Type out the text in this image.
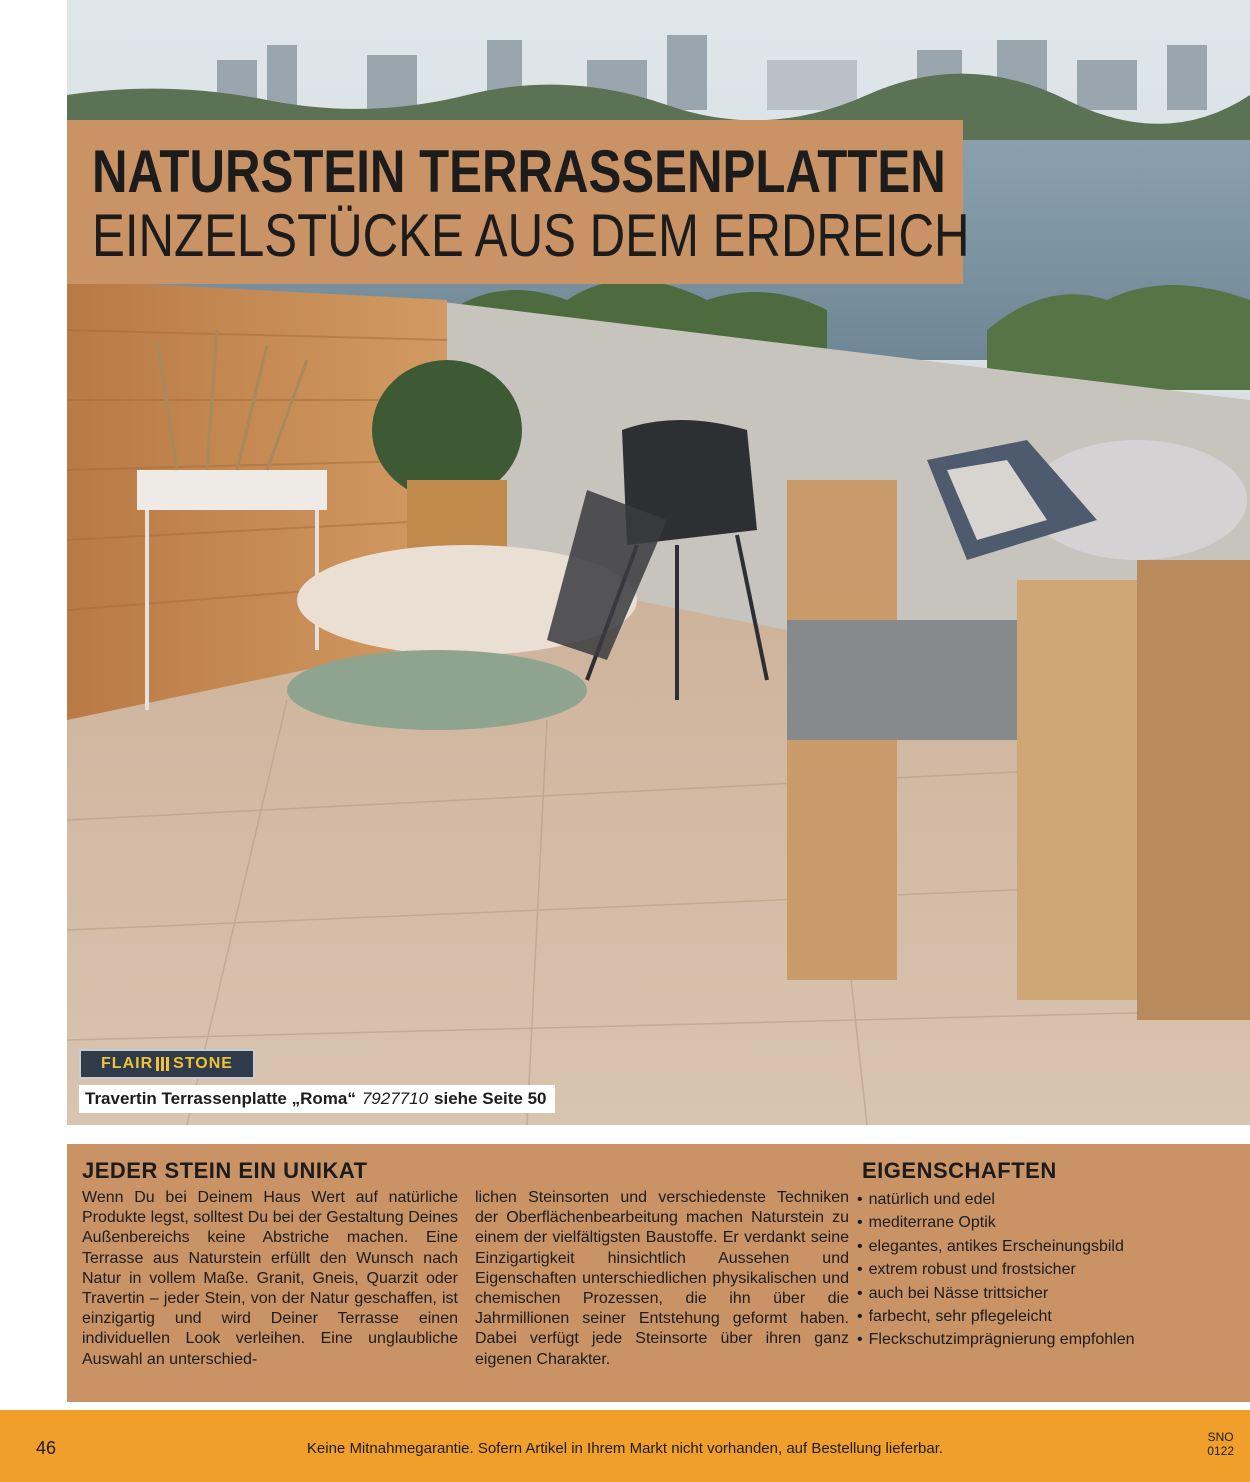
NATURSTEIN TERRASSENPLATTEN
EINZELSTÜCKE AUS DEM ERDREICH
FLAIR STONE
Travertin Terrassenplatte „Roma“ 7927710 siehe Seite 50
JEDER STEIN EIN UNIKAT

Wenn Du bei Deinem Haus Wert auf natürliche Produkte legst, solltest Du bei der Gestaltung Deines Außenbereichs keine Abstriche machen. Eine Terrasse aus Naturstein erfüllt den Wunsch nach Natur in vollem Maße. Granit, Gneis, Quarzit oder Travertin – jeder Stein, von der Natur geschaffen, ist einzigartig und wird Deiner Terrasse einen individuellen Look verleihen. Eine unglaubliche Auswahl an unterschied-

lichen Steinsorten und verschiedenste Techniken der Oberflächenbearbeitung machen Naturstein zu einem der vielfältigsten Baustoffe. Er verdankt seine Einzigartigkeit hinsichtlich Aussehen und Eigenschaften unterschiedlichen physikalischen und chemischen Prozessen, die ihn über die Jahrmillionen seiner Entstehung geformt haben. Dabei verfügt jede Steinsorte über ihren ganz eigenen Charakter.

EIGENSCHAFTEN
• natürlich und edel
• mediterrane Optik
• elegantes, antikes Erscheinungsbild
• extrem robust und frostsicher
• auch bei Nässe trittsicher
• farbecht, sehr pflegeleicht
• Fleckschutzimprägnierung empfohlen
46	Keine Mitnahmegarantie. Sofern Artikel in Ihrem Markt nicht vorhanden, auf Bestellung lieferbar.
SNO
0122
